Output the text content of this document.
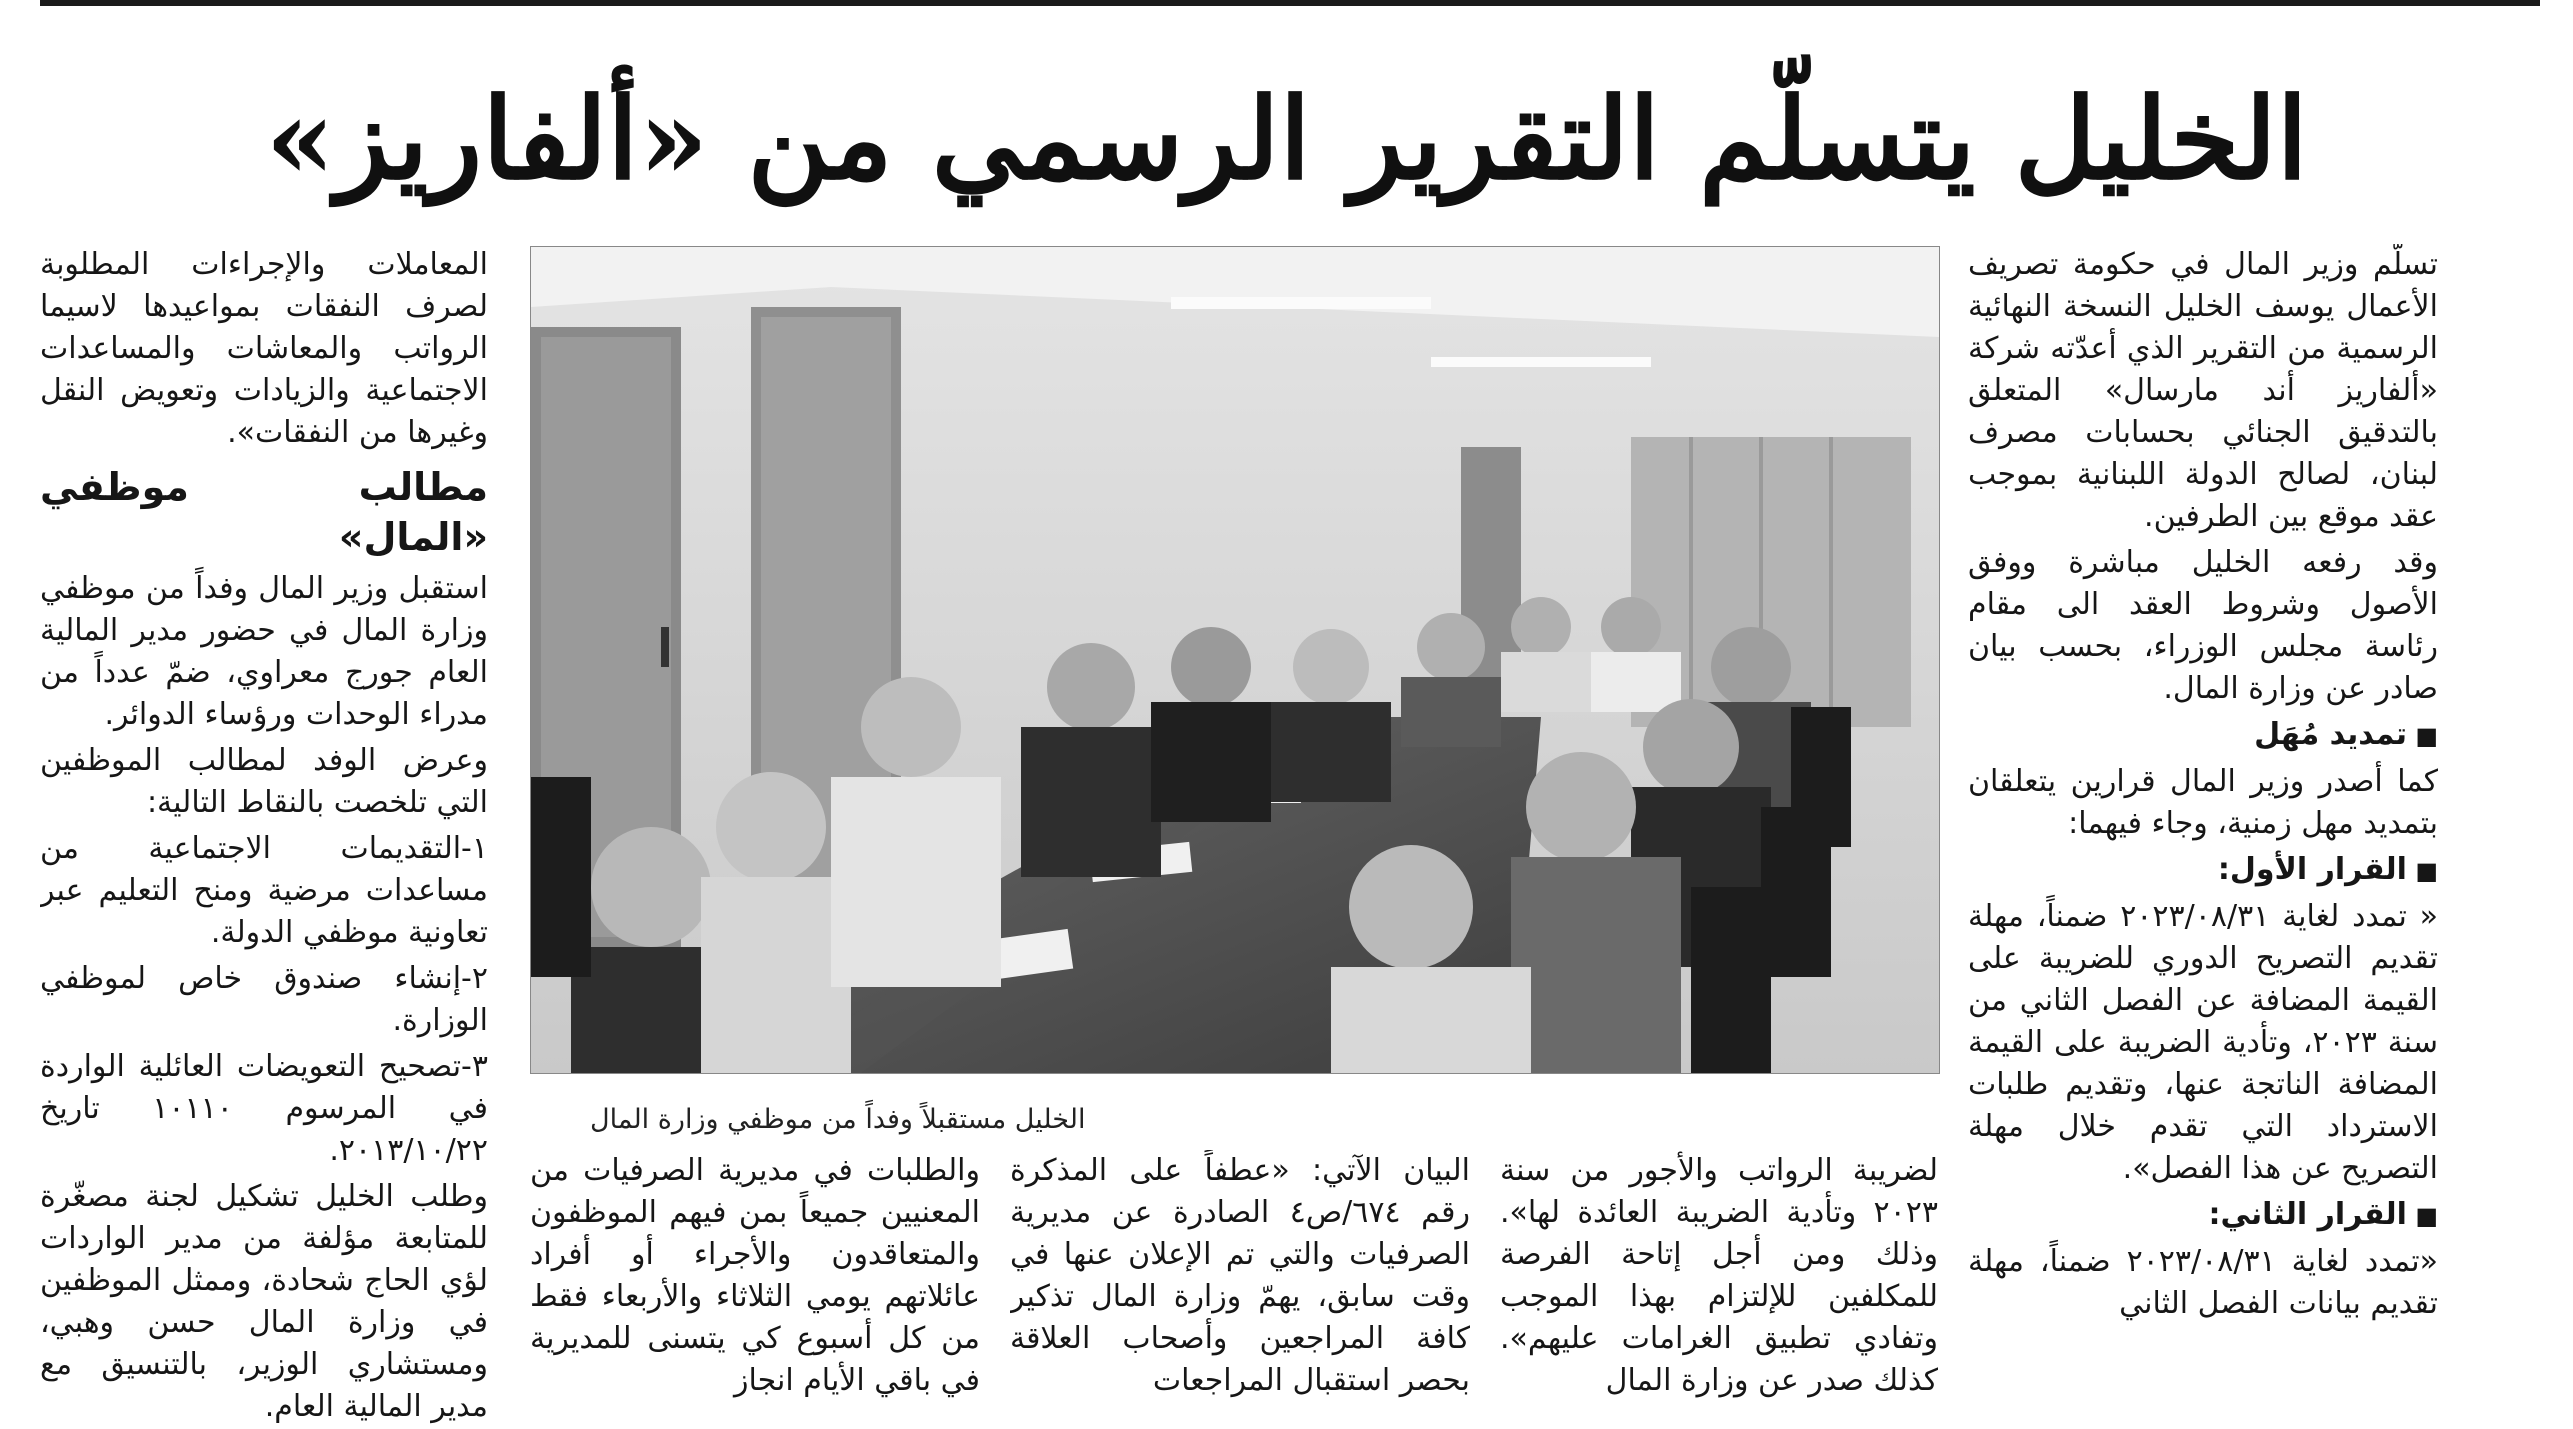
الخليل يتسلّم التقرير الرسمي من «ألفاريز»

تسلّم وزير المال في حكومة تصريف الأعمال يوسف الخليل النسخة النهائية الرسمية من التقرير الذي أعدّته شركة «ألفاريز أند مارسال» المتعلق بالتدقيق الجنائي بحسابات مصرف لبنان، لصالح الدولة اللبنانية بموجب عقد موقع بين الطرفين.

وقد رفعه الخليل مباشرة ووفق الأصول وشروط العقد الى مقام رئاسة مجلس الوزراء، بحسب بيان صادر عن وزارة المال.

■ تمديد مُهَل

كما أصدر وزير المال قرارين يتعلقان بتمديد مهل زمنية، وجاء فيهما:

■ القرار الأول:

« تمدد لغاية ٢٠٢٣/٠٨/٣١ ضمناً، مهلة تقديم التصريح الدوري للضريبة على القيمة المضافة عن الفصل الثاني من سنة ٢٠٢٣، وتأدية الضريبة على القيمة المضافة الناتجة عنها، وتقديم طلبات الاسترداد التي تقدم خلال مهلة التصريح عن هذا الفصل».

■ القرار الثاني:

«تمدد لغاية ٢٠٢٣/٠٨/٣١ ضمناً، مهلة تقديم بيانات الفصل الثاني

الخليل مستقبلاً وفداً من موظفي وزارة المال

لضريبة الرواتب والأجور من سنة ٢٠٢٣ وتأدية الضريبة العائدة لها». وذلك ومن أجل إتاحة الفرصة للمكلفين للإلتزام بهذا الموجب وتفادي تطبيق الغرامات عليهم». كذلك صدر عن وزارة المال

البيان الآتي: «عطفاً على المذكرة رقم ٦٧٤/ص٤ الصادرة عن مديرية الصرفيات والتي تم الإعلان عنها في وقت سابق، يهمّ وزارة المال تذكير كافة المراجعين وأصحاب العلاقة بحصر استقبال المراجعات

والطلبات في مديرية الصرفيات من المعنيين جميعاً بمن فيهم الموظفون والمتعاقدون والأجراء أو أفراد عائلاتهم يومي الثلاثاء والأربعاء فقط من كل أسبوع كي يتسنى للمديرية في باقي الأيام انجاز

المعاملات والإجراءات المطلوبة لصرف النفقات بمواعيدها لاسيما الرواتب والمعاشات والمساعدات الاجتماعية والزيادات وتعويض النقل وغيرها من النفقات».

مطالب موظفي «المال»

استقبل وزير المال وفداً من موظفي وزارة المال في حضور مدير المالية العام جورج معراوي، ضمّ عدداً من مدراء الوحدات ورؤساء الدوائر.

وعرض الوفد لمطالب الموظفين التي تلخصت بالنقاط التالية:

١-التقديمات الاجتماعية من مساعدات مرضية ومنح التعليم عبر تعاونية موظفي الدولة.

٢-إنشاء صندوق خاص لموظفي الوزارة.

٣-تصحيح التعويضات العائلية الواردة في المرسوم ١٠١١٠ تاريخ ٢٠١٣/١٠/٢٢.

وطلب الخليل تشكيل لجنة مصغّرة للمتابعة مؤلفة من مدير الواردات لؤي الحاج شحادة، وممثل الموظفين في وزارة المال حسن وهبي، ومستشاري الوزير، بالتنسيق مع مدير المالية العام.
